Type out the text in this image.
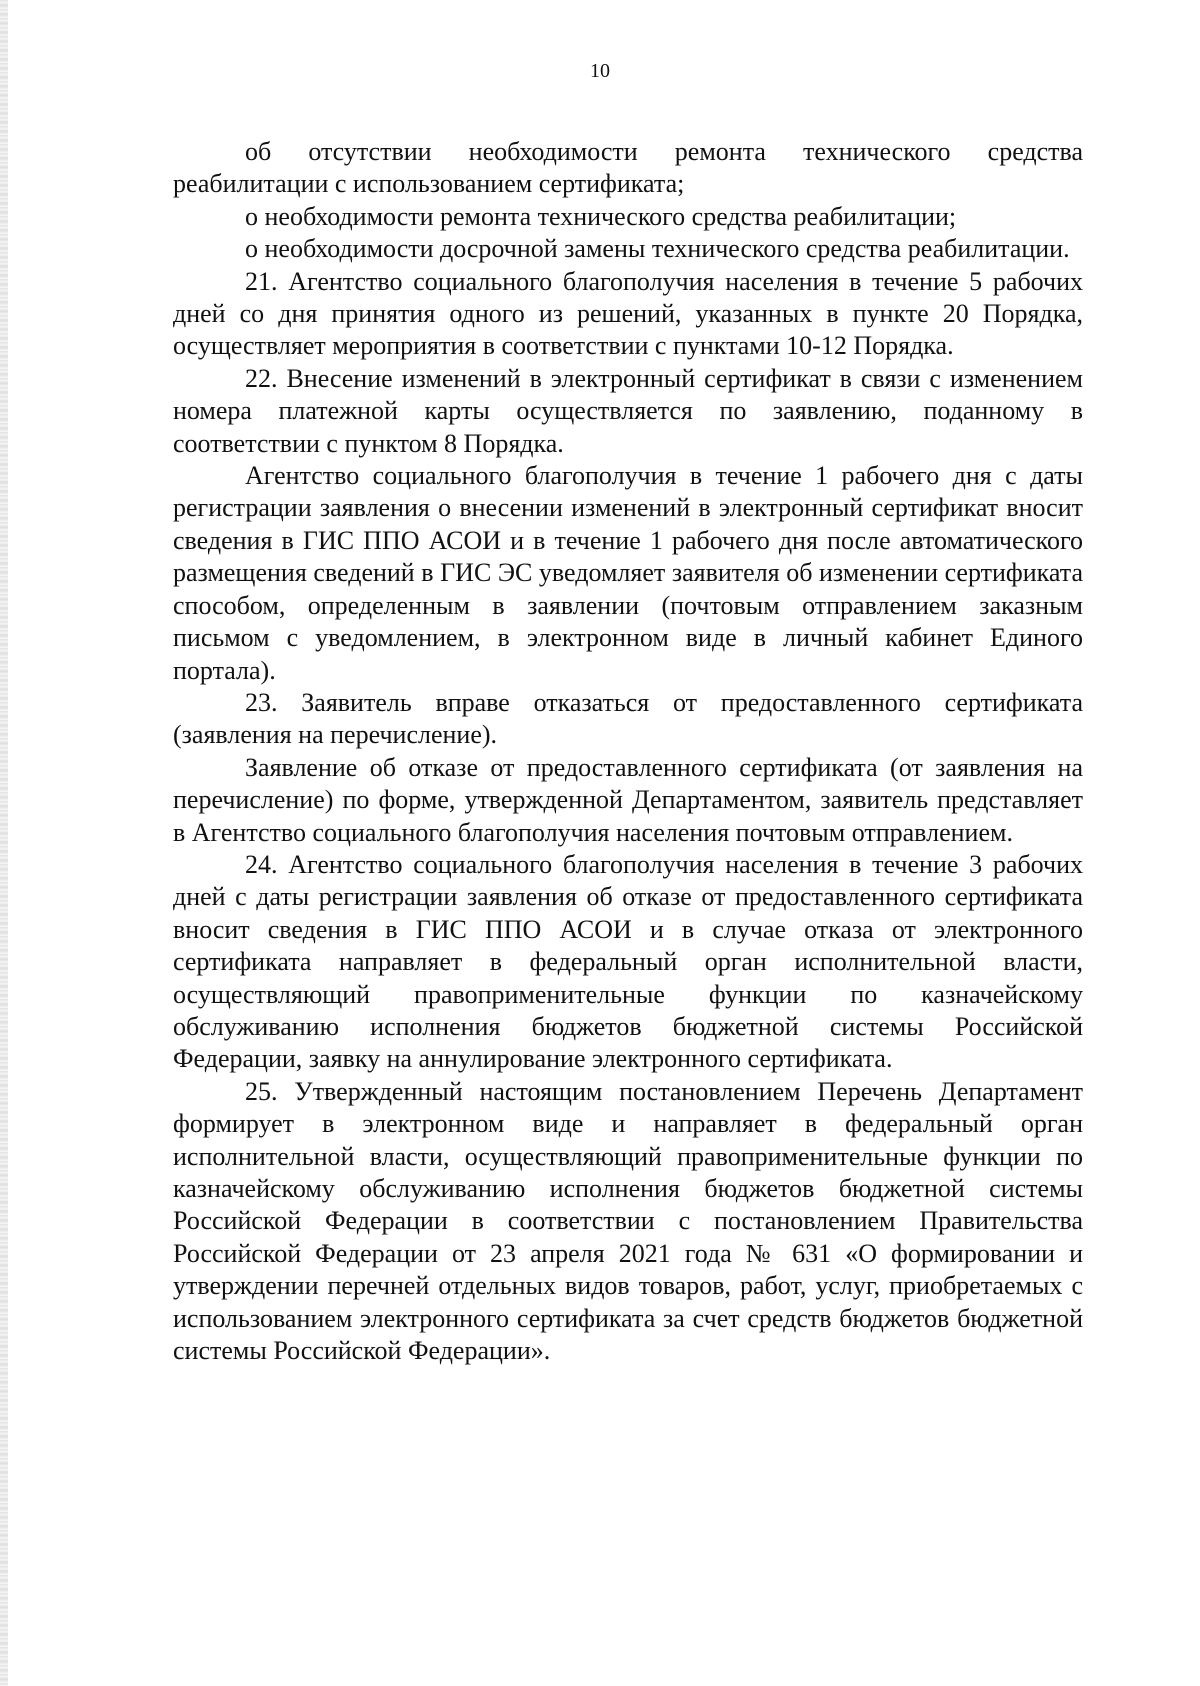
10

об отсутствии необходимости ремонта технического средства реабилитации с использованием сертификата;

о необходимости ремонта технического средства реабилитации;

о необходимости досрочной замены технического средства реабилитации.

21. Агентство социального благополучия населения в течение 5 рабочих дней со дня принятия одного из решений, указанных в пункте 20 Порядка, осуществляет мероприятия в соответствии с пунктами 10-12 Порядка.

22. Внесение изменений в электронный сертификат в связи с изменением номера платежной карты осуществляется по заявлению, поданному в соответствии с пунктом 8 Порядка.

Агентство социального благополучия в течение 1 рабочего дня с даты регистрации заявления о внесении изменений в электронный сертификат вносит сведения в ГИС ППО АСОИ и в течение 1 рабочего дня после автоматического размещения сведений в ГИС ЭС уведомляет заявителя об изменении сертификата способом, определенным в заявлении (почтовым отправлением заказным письмом с уведомлением, в электронном виде в личный кабинет Единого портала).

23. Заявитель вправе отказаться от предоставленного сертификата (заявления на перечисление).

Заявление об отказе от предоставленного сертификата (от заявления на перечисление) по форме, утвержденной Департаментом, заявитель представляет в Агентство социального благополучия населения почтовым отправлением.

24. Агентство социального благополучия населения в течение 3 рабочих дней с даты регистрации заявления об отказе от предоставленного сертификата вносит сведения в ГИС ППО АСОИ и в случае отказа от электронного сертификата направляет в федеральный орган исполнительной власти, осуществляющий правоприменительные функции по казначейскому обслуживанию исполнения бюджетов бюджетной системы Российской Федерации, заявку на аннулирование электронного сертификата.

25. Утвержденный настоящим постановлением Перечень Департамент формирует в электронном виде и направляет в федеральный орган исполнительной власти, осуществляющий правоприменительные функции по казначейскому обслуживанию исполнения бюджетов бюджетной системы Российской Федерации в соответствии с постановлением Правительства Российской Федерации от 23 апреля 2021 года № 631 «О формировании и утверждении перечней отдельных видов товаров, работ, услуг, приобретаемых с использованием электронного сертификата за счет средств бюджетов бюджетной системы Российской Федерации».
